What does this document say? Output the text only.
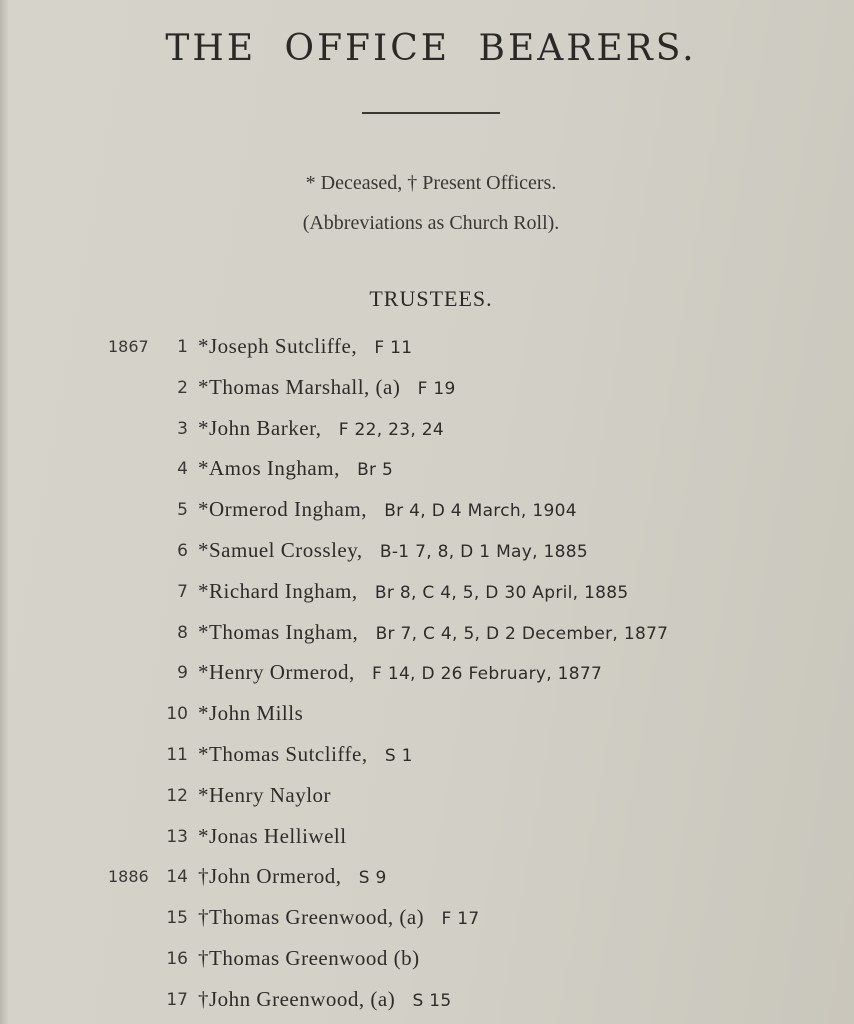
THE OFFICE BEARERS.
* Deceased, † Present Officers.
(Abbreviations as Church Roll).
TRUSTEES.
1867	1 *Joseph Sutcliffe, F 11
2 *Thomas Marshall, (a) F 19
3 *John Barker, F 22, 23, 24
4 *Amos Ingham, Br 5
5 *Ormerod Ingham, Br 4, D 4 March, 1904
6 *Samuel Crossley, B-1 7, 8, D 1 May, 1885
7 *Richard Ingham, Br 8, C 4, 5, D 30 April, 1885
8 *Thomas Ingham, Br 7, C 4, 5, D 2 December, 1877
9 *Henry Ormerod, F 14, D 26 February, 1877
10 *John Mills
11 *Thomas Sutcliffe, S 1
12 *Henry Naylor
13 *Jonas Helliwell
1886	14 †John Ormerod, S 9
15 †Thomas Greenwood, (a) F 17
16 †Thomas Greenwood (b)
17 †John Greenwood, (a) S 15
